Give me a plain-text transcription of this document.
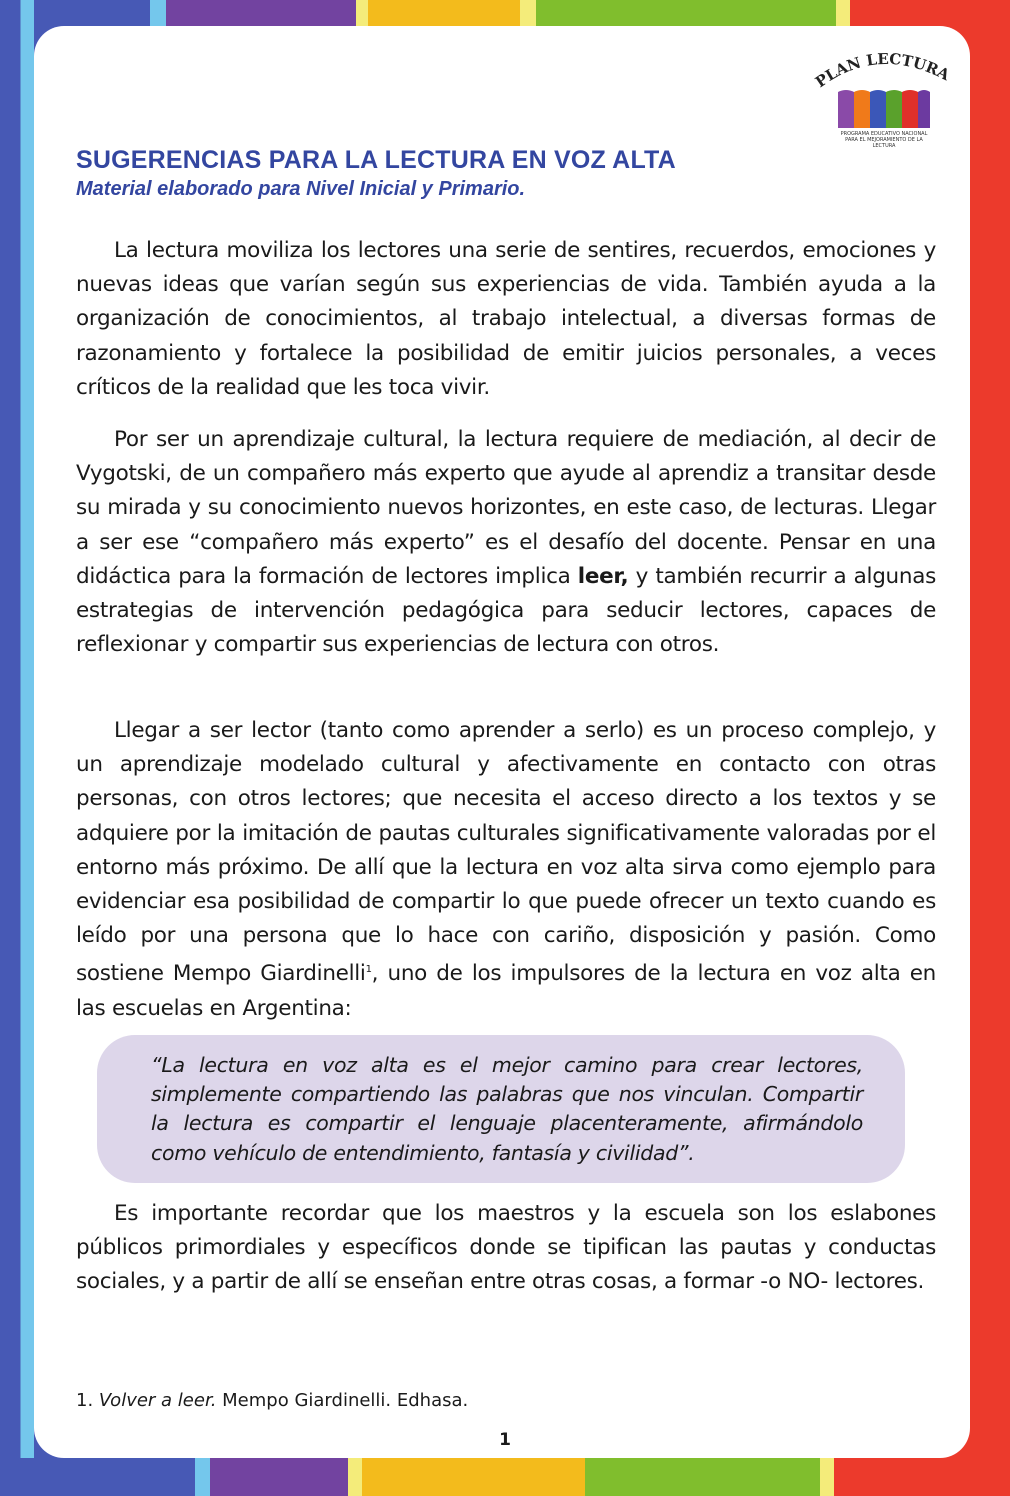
PLAN LECTURA
PROGRAMA EDUCATIVO NACIONAL
PARA EL MEJORAMIENTO DE LA LECTURA
SUGERENCIAS PARA LA LECTURA EN VOZ ALTA

Material elaborado para Nivel Inicial y Primario.

La lectura moviliza los lectores una serie de sentires, recuerdos, emociones y nuevas ideas que varían según sus experiencias de vida. También ayuda a la organización de conocimientos, al trabajo intelectual, a diversas formas de razonamiento y fortalece la posibilidad de emitir juicios personales, a veces críticos de la realidad que les toca vivir.

Por ser un aprendizaje cultural, la lectura requiere de mediación, al decir de Vygotski, de un compañero más experto que ayude al aprendiz a transitar desde su mirada y su conocimiento nuevos horizontes, en este caso, de lecturas. Llegar a ser ese “compañero más experto” es el desafío del docente. Pensar en una didáctica para la formación de lectores implica leer, y también recurrir a algunas estrategias de intervención pedagógica para seducir lectores, capaces de reflexionar y compartir sus experiencias de lectura con otros.

Llegar a ser lector (tanto como aprender a serlo) es un proceso complejo, y un aprendizaje modelado cultural y afectivamente en contacto con otras personas, con otros lectores; que necesita el acceso directo a los textos y se adquiere por la imitación de pautas culturales significativamente valoradas por el entorno más próximo. De allí que la lectura en voz alta sirva como ejemplo para evidenciar esa posibilidad de compartir lo que puede ofrecer un texto cuando es leído por una persona que lo hace con cariño, disposición y pasión. Como sostiene Mempo Giardinelli$^1$, uno de los impulsores de la lectura en voz alta en las escuelas en Argentina:

“La lectura en voz alta es el mejor camino para crear lectores, simplemente compartiendo las palabras que nos vinculan. Compartir la lectura es compartir el lenguaje placenteramente, afirmándolo como vehículo de entendimiento, fantasía y civilidad”.

Es importante recordar que los maestros y la escuela son los eslabones públicos primordiales y específicos donde se tipifican las pautas y conductas sociales, y a partir de allí se enseñan entre otras cosas, a formar -o NO- lectores.

1. Volver a leer. Mempo Giardinelli. Edhasa.

1
